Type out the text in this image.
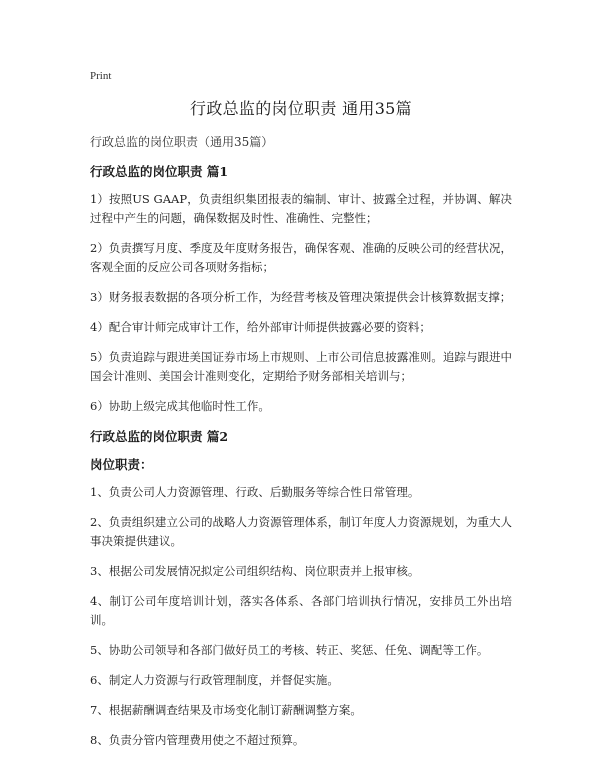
Print
行政总监的岗位职责 通用35篇
行政总监的岗位职责（通用35篇）
行政总监的岗位职责 篇1

1）按照US GAAP，负责组织集团报表的编制、审计、披露全过程，并协调、解决过程中产生的问题，确保数据及时性、准确性、完整性；

2）负责撰写月度、季度及年度财务报告，确保客观、准确的反映公司的经营状况，客观全面的反应公司各项财务指标；

3）财务报表数据的各项分析工作，为经营考核及管理决策提供会计核算数据支撑；

4）配合审计师完成审计工作，给外部审计师提供披露必要的资料；

5）负责追踪与跟进美国证券市场上市规则、上市公司信息披露准则。追踪与跟进中国会计准则、美国会计准则变化，定期给予财务部相关培训与；

6）协助上级完成其他临时性工作。

行政总监的岗位职责 篇2
岗位职责：

1、负责公司人力资源管理、行政、后勤服务等综合性日常管理。

2、负责组织建立公司的战略人力资源管理体系，制订年度人力资源规划，为重大人事决策提供建议。

3、根据公司发展情况拟定公司组织结构、岗位职责并上报审核。

4、制订公司年度培训计划，落实各体系、各部门培训执行情况，安排员工外出培训。

5、协助公司领导和各部门做好员工的考核、转正、奖惩、任免、调配等工作。

6、制定人力资源与行政管理制度，并督促实施。

7、根据薪酬调查结果及市场变化制订薪酬调整方案。

8、负责分管内管理费用使之不超过预算。
